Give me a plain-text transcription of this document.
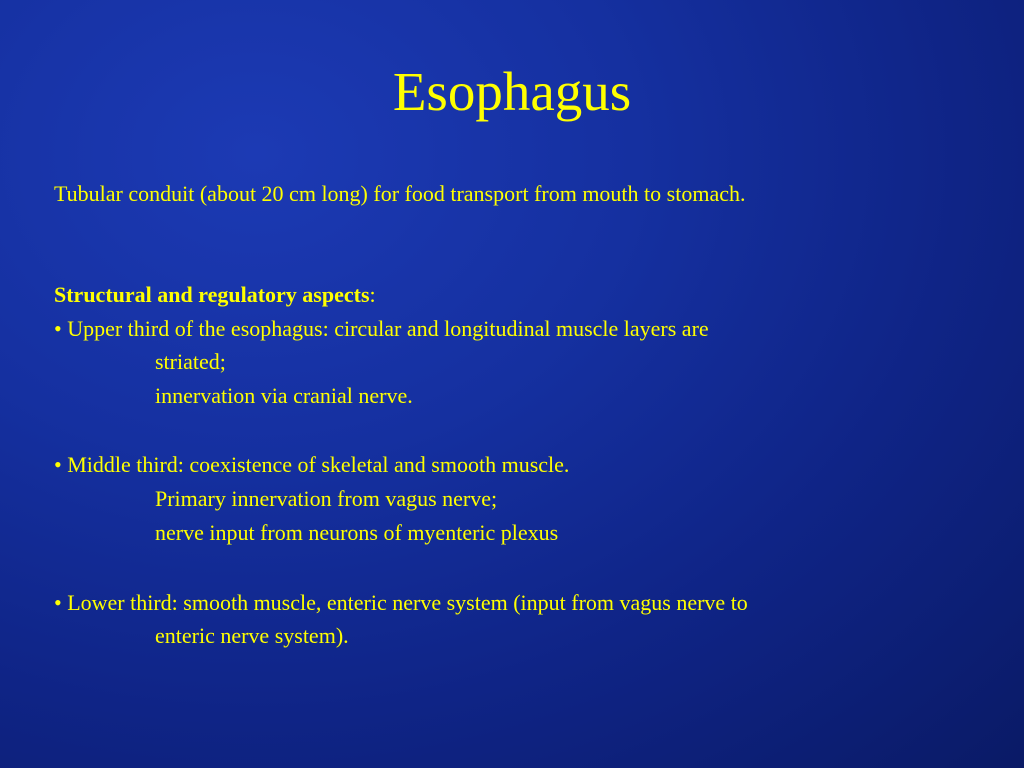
Esophagus

Tubular conduit (about 20 cm long) for food transport from mouth to stomach.

Structural and regulatory aspects:

• Upper third of the esophagus: circular and longitudinal muscle layers are
striated;
innervation via cranial nerve.
• Middle third: coexistence of skeletal and smooth muscle.
Primary innervation from vagus nerve;
nerve input from neurons of myenteric plexus
• Lower third: smooth muscle, enteric nerve system (input from vagus nerve to
enteric nerve system).
